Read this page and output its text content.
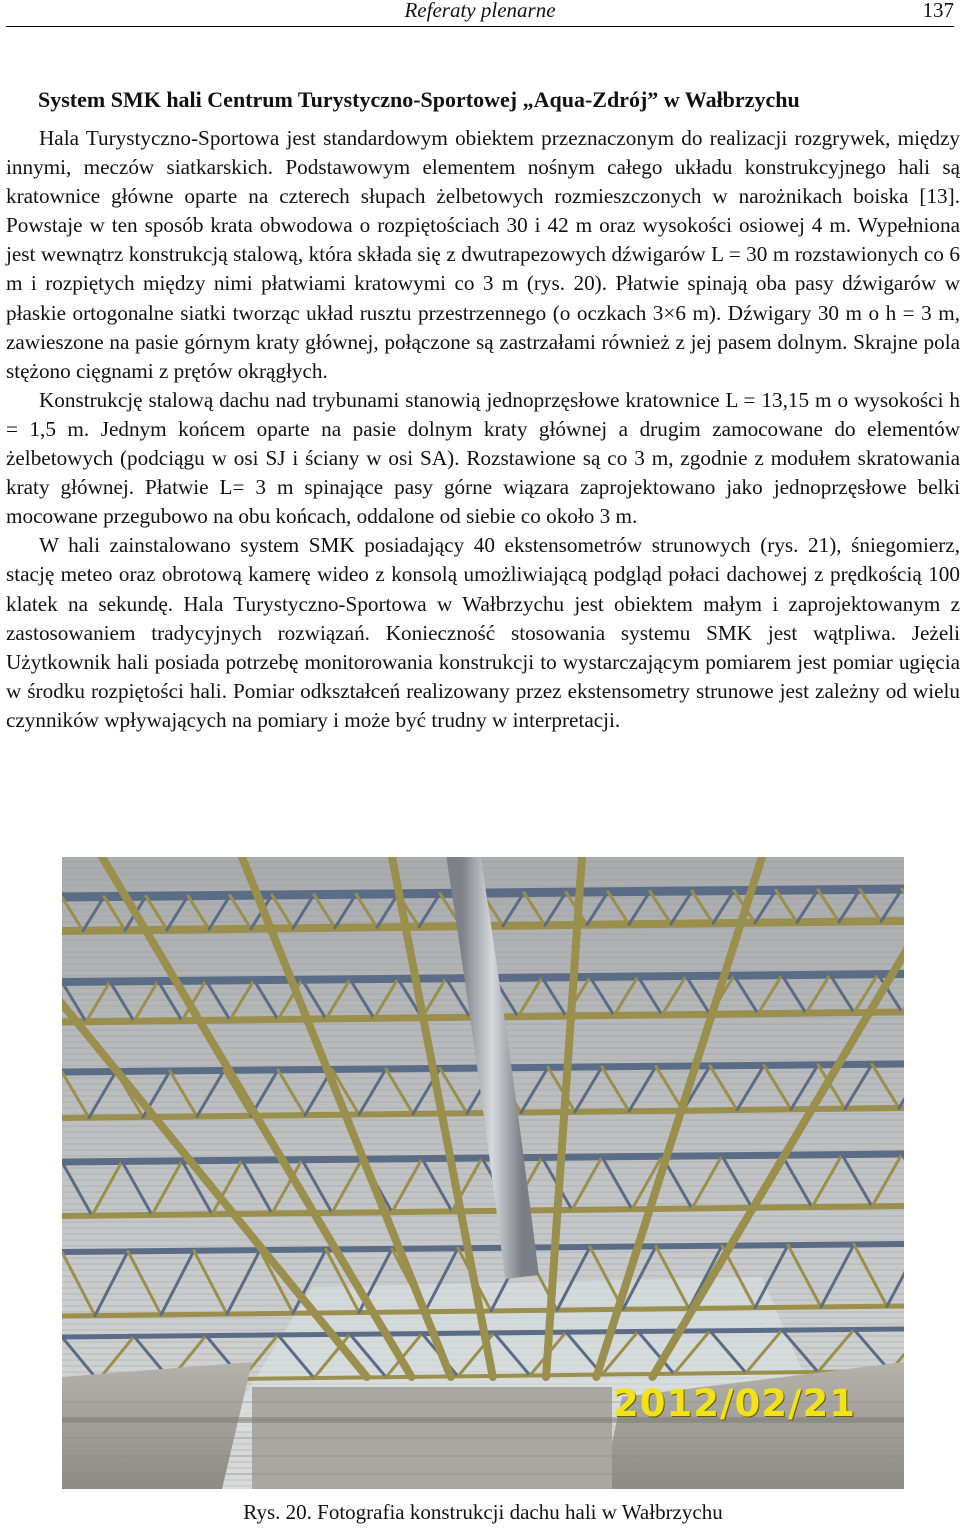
Referaty plenarne	137
System SMK hali Centrum Turystyczno-Sportowej „Aqua-Zdrój” w Wałbrzychu

Hala Turystyczno-Sportowa jest standardowym obiektem przeznaczonym do realizacji rozgrywek, między innymi, meczów siatkarskich. Podstawowym elementem nośnym całego układu konstrukcyjnego hali są kratownice główne oparte na czterech słupach żelbetowych rozmieszczonych w narożnikach boiska [13]. Powstaje w ten sposób krata obwodowa o rozpiętościach 30 i 42 m oraz wysokości osiowej 4 m. Wypełniona jest wewnątrz konstrukcją stalową, która składa się z dwutrapezowych dźwigarów L = 30 m rozstawionych co 6 m i rozpiętych między nimi płatwiami kratowymi co 3 m (rys. 20). Płatwie spinają oba pasy dźwigarów w płaskie ortogonalne siatki tworząc układ rusztu przestrzennego (o oczkach 3×6 m). Dźwigary 30 m o h = 3 m, zawieszone na pasie górnym kraty głównej, połączone są zastrzałami również z jej pasem dolnym. Skrajne pola stężono cięgnami z prętów okrągłych.

Konstrukcję stalową dachu nad trybunami stanowią jednoprzęsłowe kratownice L = 13,15 m o wysokości h = 1,5 m. Jednym końcem oparte na pasie dolnym kraty głównej a drugim zamocowane do elementów żelbetowych (podciągu w osi SJ i ściany w osi SA). Rozstawione są co 3 m, zgodnie z modułem skratowania kraty głównej. Płatwie L= 3 m spinające pasy górne wiązara zaprojektowano jako jednoprzęsłowe belki mocowane przegubowo na obu końcach, oddalone od siebie co około 3 m.

W hali zainstalowano system SMK posiadający 40 ekstensometrów strunowych (rys. 21), śniegomierz, stację meteo oraz obrotową kamerę wideo z konsolą umożliwiającą podgląd połaci dachowej z prędkością 100 klatek na sekundę. Hala Turystyczno-Sportowa w Wałbrzychu jest obiektem małym i zaprojektowanym z zastosowaniem tradycyjnych rozwiązań. Konieczność stosowania systemu SMK jest wątpliwa. Jeżeli Użytkownik hali posiada potrzebę monitorowania konstrukcji to wystarczającym pomiarem jest pomiar ugięcia w środku rozpiętości hali. Pomiar odkształceń realizowany przez ekstensometry strunowe jest zależny od wielu czynników wpływających na pomiary i może być trudny w interpretacji.

2012/02/21
Rys. 20. Fotografia konstrukcji dachu hali w Wałbrzychu
